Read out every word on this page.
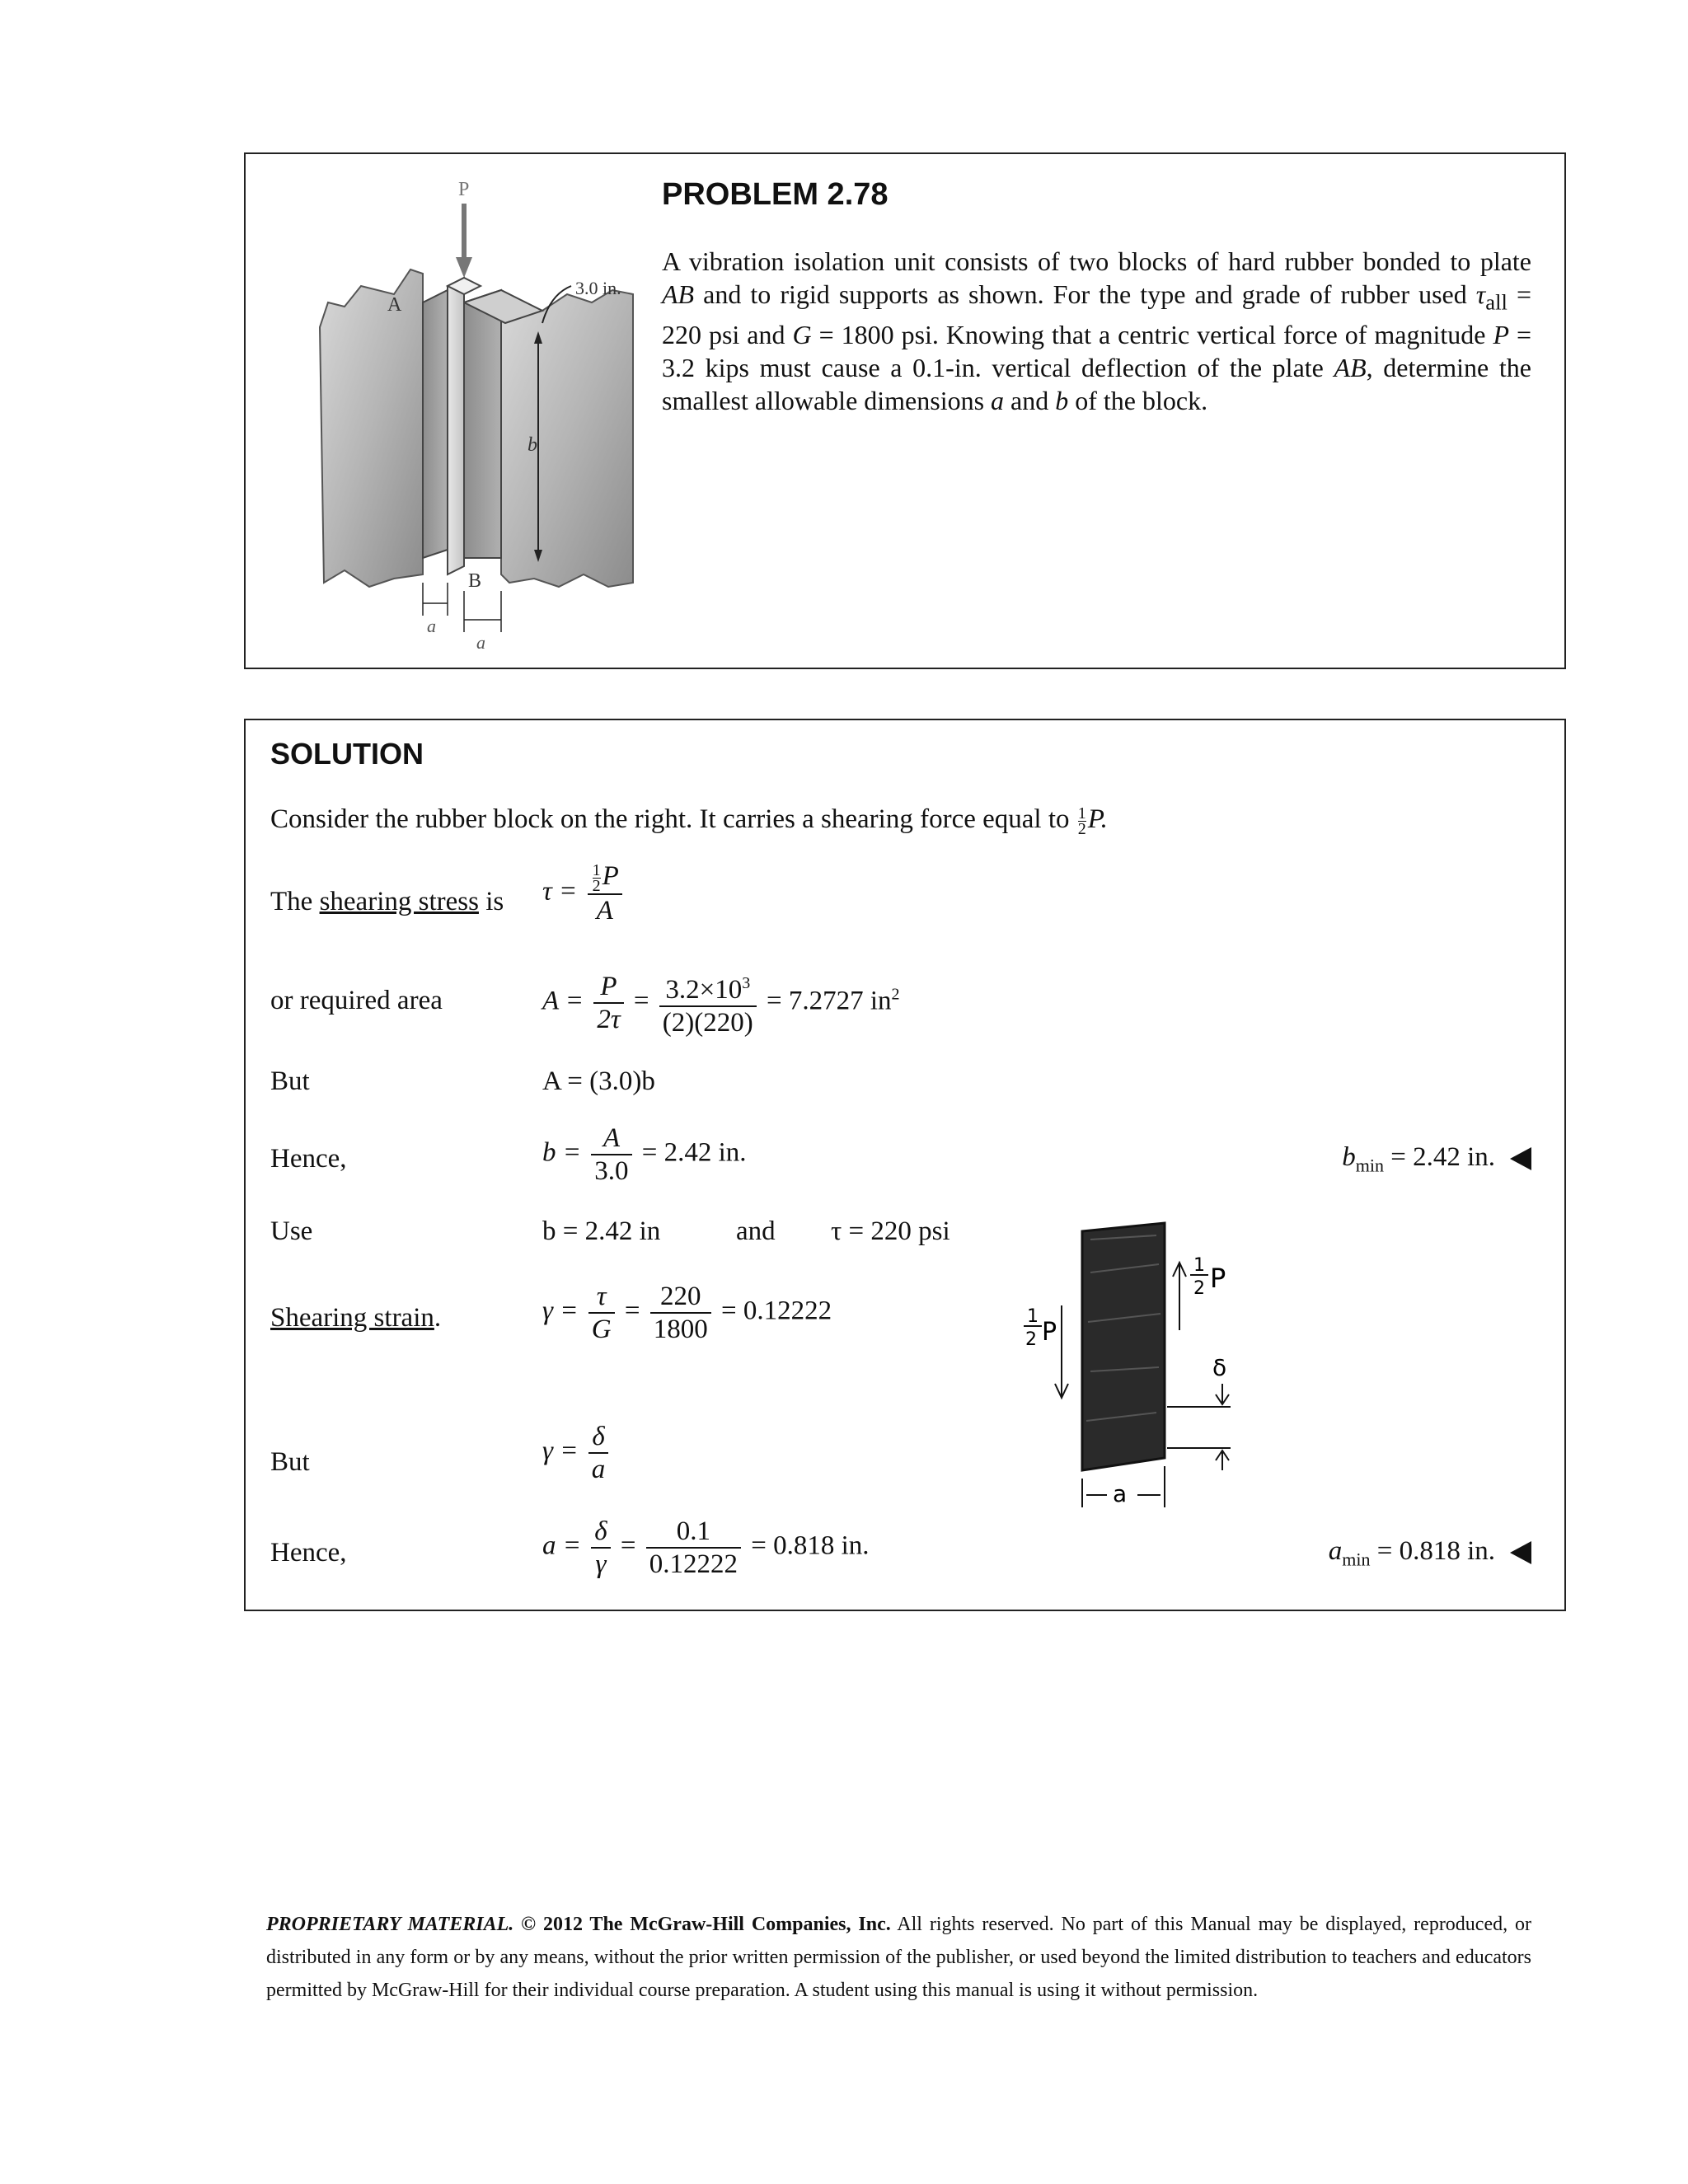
P
A
B
3.0 in.
b
a
a
PROBLEM 2.78
A vibration isolation unit consists of two blocks of hard rubber bonded to plate AB and to rigid supports as shown. For the type and grade of rubber used $\tau_{all} = 220$ psi and G = 1800 psi. Knowing that a centric vertical force of magnitude P = 3.2 kips must cause a 0.1-in. vertical deflection of the plate AB, determine the smallest allowable dimensions a and b of the block.
SOLUTION
Consider the rubber block on the right. It carries a shearing force equal to $\frac{1}{2} P$.
The shearing stress is $\tau = \frac{\frac{1}{2} P}{A}$
or required area	$A = \frac{P}{2\tau} = \frac{3.2\times 10^3}{(2)(220)} = 7.2727$ $in^2$
But	A = (3.0)b
Hence,	$b = \frac{A}{3.0} = 2.42$ in.	$b_{min} = 2.42$ in.
Use	b = 2.42 in	and τ = 220 psi
Shearing strain.	$\gamma = \frac{\tau}{G} = \frac{220}{1800} = 0.12222$
But	$\gamma = \frac{\delta}{a}$
Hence,	$a = \frac{\delta}{\gamma} = \frac{0.1}{0.12222} = 0.818$ in.	$a_{min} = 0.818$ in.
1
2 P
1
2 P
δ
a
PROPRIETARY MATERIAL. © 2012 The McGraw-Hill Companies, Inc. All rights reserved. No part of this Manual may be displayed, reproduced, or distributed in any form or by any means, without the prior written permission of the publisher, or used beyond the limited distribution to teachers and educators permitted by McGraw-Hill for their individual course preparation. A student using this manual is using it without permission.
